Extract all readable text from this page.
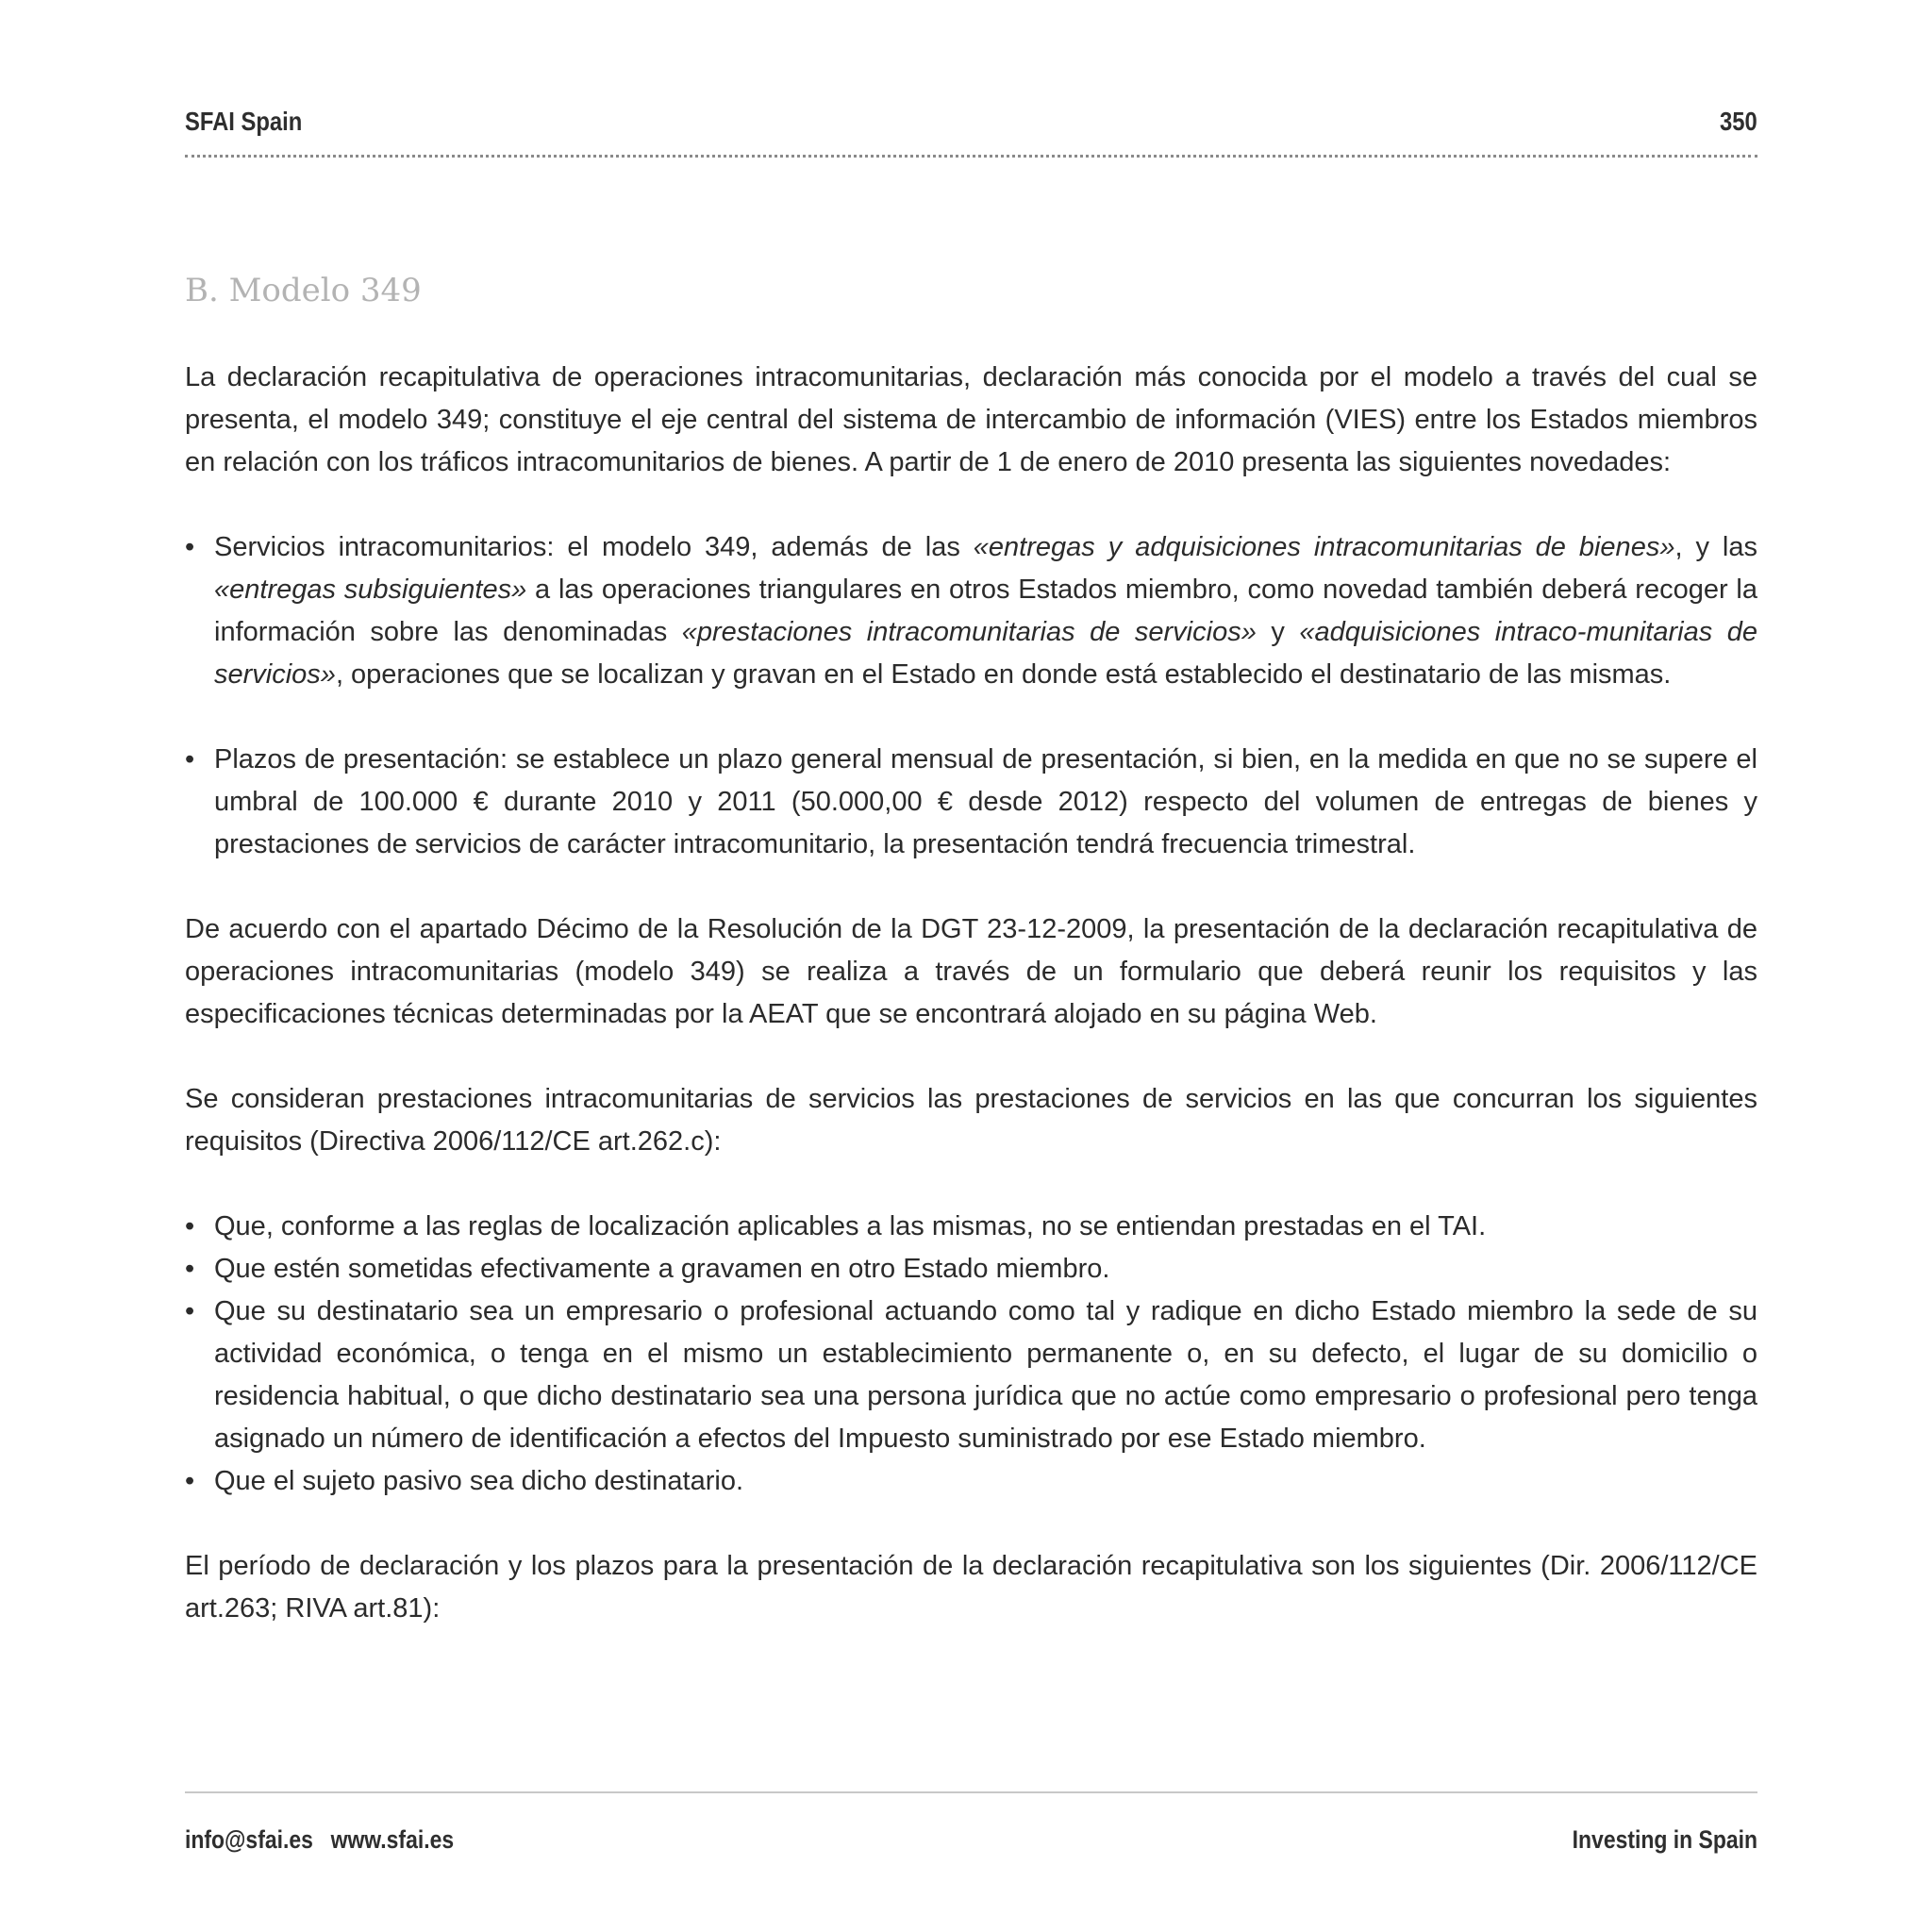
SFAI Spain	350
B. Modelo 349

La declaración recapitulativa de operaciones intracomunitarias, declaración más conocida por el modelo a través del cual se presenta, el modelo 349; constituye el eje central del sistema de intercambio de información (VIES) entre los Estados miembros en relación con los tráficos intracomunitarios de bienes. A partir de 1 de enero de 2010 presenta las siguientes novedades:

• Servicios intracomunitarios: el modelo 349, además de las «entregas y adquisiciones intracomunitarias de bienes», y las «entregas subsiguientes» a las operaciones triangulares en otros Estados miembro, como novedad también deberá recoger la información sobre las denominadas «prestaciones intracomunitarias de servicios» y «adquisiciones intraco-munitarias de servicios», operaciones que se localizan y gravan en el Estado en donde está establecido el destinatario de las mismas.
• Plazos de presentación: se establece un plazo general mensual de presentación, si bien, en la medida en que no se supere el umbral de 100.000 € durante 2010 y 2011 (50.000,00 € desde 2012) respecto del volumen de entregas de bienes y prestaciones de servicios de carácter intracomunitario, la presentación tendrá frecuencia trimestral.

De acuerdo con el apartado Décimo de la Resolución de la DGT 23-12-2009, la presentación de la declaración recapitulativa de operaciones intracomunitarias (modelo 349) se realiza a través de un formulario que deberá reunir los requisitos y las especificaciones técnicas determinadas por la AEAT que se encontrará alojado en su página Web.

Se consideran prestaciones intracomunitarias de servicios las prestaciones de servicios en las que concurran los siguientes requisitos (Directiva 2006/112/CE art.262.c):

• Que, conforme a las reglas de localización aplicables a las mismas, no se entiendan prestadas en el TAI.
• Que estén sometidas efectivamente a gravamen en otro Estado miembro.
• Que su destinatario sea un empresario o profesional actuando como tal y radique en dicho Estado miembro la sede de su actividad económica, o tenga en el mismo un establecimiento permanente o, en su defecto, el lugar de su domicilio o residencia habitual, o que dicho destinatario sea una persona jurídica que no actúe como empresario o profesional pero tenga asignado un número de identificación a efectos del Impuesto suministrado por ese Estado miembro.
• Que el sujeto pasivo sea dicho destinatario.

El período de declaración y los plazos para la presentación de la declaración recapitulativa son los siguientes (Dir. 2006/112/CE art.263; RIVA art.81):

info@sfai.es www.sfai.es	Investing in Spain
